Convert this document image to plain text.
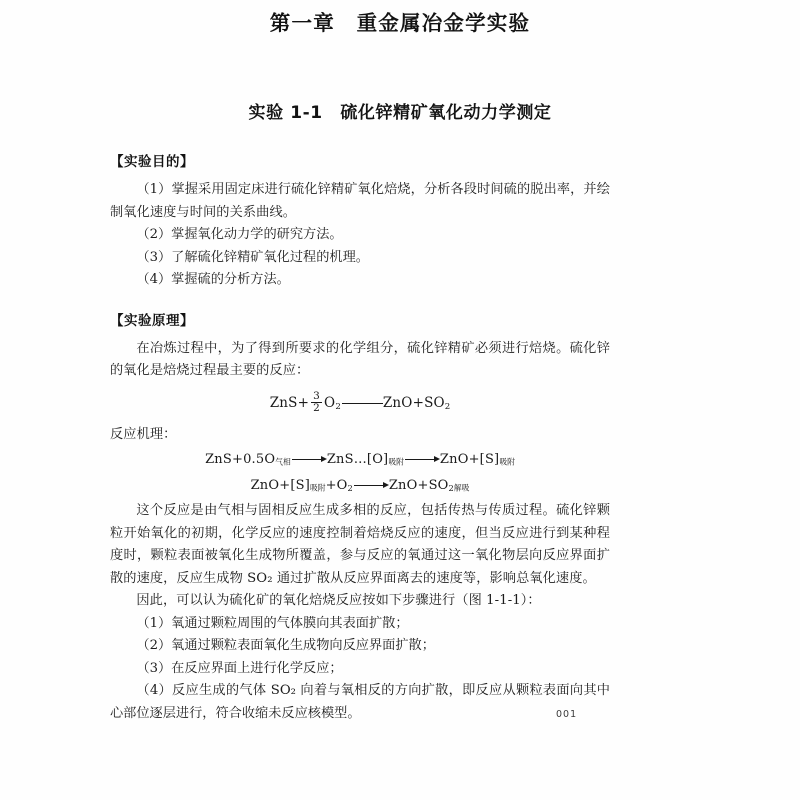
第一章　重金属冶金学实验
实验 1-1　硫化锌精矿氧化动力学测定
【实验目的】

（1）掌握采用固定床进行硫化锌精矿氧化焙烧，分析各段时间硫的脱出率，并绘制氧化速度与时间的关系曲线。

（2）掌握氧化动力学的研究方法。

（3）了解硫化锌精矿氧化过程的机理。

（4）掌握硫的分析方法。

【实验原理】

在冶炼过程中，为了得到所要求的化学组分，硫化锌精矿必须进行焙烧。硫化锌的氧化是焙烧过程最主要的反应：

$ZnS+ \frac{3}{2} O_2$	$ZnO+SO_2$

反应机理：

$ZnS+0.5O_{气相}$	$ZnS\dots[O]_{吸附}$	$ZnO+[S]_{吸附}$
$ZnO+[S]_{吸附}+O_2$	$ZnO+SO_{2解吸}$

这个反应是由气相与固相反应生成多相的反应，包括传热与传质过程。硫化锌颗粒开始氧化的初期，化学反应的速度控制着焙烧反应的速度，但当反应进行到某种程度时，颗粒表面被氧化生成物所覆盖，参与反应的氧通过这一氧化物层向反应界面扩散的速度，反应生成物 SO₂ 通过扩散从反应界面离去的速度等，影响总氧化速度。

因此，可以认为硫化矿的氧化焙烧反应按如下步骤进行（图 1-1-1）：

（1）氧通过颗粒周围的气体膜向其表面扩散；

（2）氧通过颗粒表面氧化生成物向反应界面扩散；

（3）在反应界面上进行化学反应；

（4）反应生成的气体 SO₂ 向着与氧相反的方向扩散，即反应从颗粒表面向其中心部位逐层进行，符合收缩未反应核模型。	001
